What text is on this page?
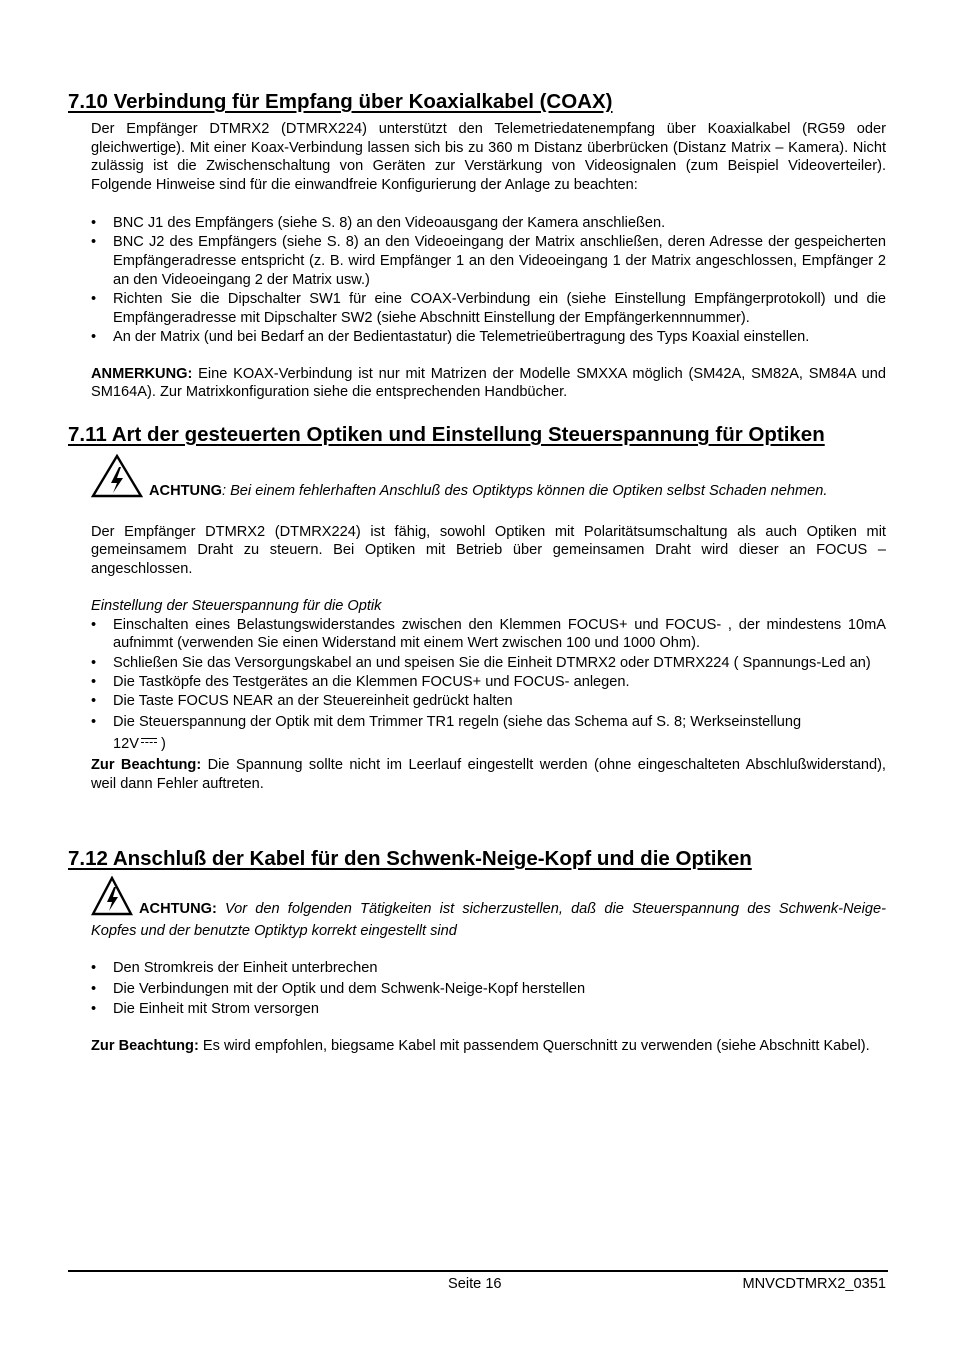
7.10 Verbindung für Empfang über Koaxialkabel (COAX)

Der Empfänger DTMRX2 (DTMRX224) unterstützt den Telemetriedatenempfang über Koaxialkabel (RG59 oder gleichwertige). Mit einer Koax-Verbindung lassen sich bis zu 360 m Distanz überbrücken (Distanz Matrix – Kamera). Nicht zulässig ist die Zwischenschaltung von Geräten zur Verstärkung von Videosignalen (zum Beispiel Videoverteiler). Folgende Hinweise sind für die einwandfreie Konfigurierung der Anlage zu beachten:

• BNC J1 des Empfängers (siehe S. 8) an den Videoausgang der Kamera anschließen.
• BNC J2 des Empfängers (siehe S. 8) an den Videoeingang der Matrix anschließen, deren Adresse der gespeicherten Empfängeradresse entspricht (z. B. wird Empfänger 1 an den Videoeingang 1 der Matrix angeschlossen, Empfänger 2 an den Videoeingang 2 der Matrix usw.)
• Richten Sie die Dipschalter SW1 für eine COAX-Verbindung ein (siehe Einstellung Empfängerprotokoll) und die Empfängeradresse mit Dipschalter SW2 (siehe Abschnitt Einstellung der Empfängerkennnummer).
• An der Matrix (und bei Bedarf an der Bedientastatur) die Telemetrieübertragung des Typs Koaxial einstellen.

ANMERKUNG: Eine KOAX-Verbindung ist nur mit Matrizen der Modelle SMXXA möglich (SM42A, SM82A, SM84A und SM164A). Zur Matrixkonfiguration siehe die entsprechenden Handbücher.

7.11 Art der gesteuerten Optiken und Einstellung Steuerspannung für Optiken

ACHTUNG: Bei einem fehlerhaften Anschluß des Optiktyps können die Optiken selbst Schaden nehmen.

Der Empfänger DTMRX2 (DTMRX224) ist fähig, sowohl Optiken mit Polaritätsumschaltung als auch Optiken mit gemeinsamem Draht zu steuern. Bei Optiken mit Betrieb über gemeinsamen Draht wird dieser an FOCUS – angeschlossen.

Einstellung der Steuerspannung für die Optik

• Einschalten eines Belastungswiderstandes zwischen den Klemmen FOCUS+ und FOCUS- , der mindestens 10mA aufnimmt (verwenden Sie einen Widerstand mit einem Wert zwischen 100 und 1000 Ohm).
• Schließen Sie das Versorgungskabel an und speisen Sie die Einheit DTMRX2 oder DTMRX224 ( Spannungs-Led an)
• Die Tastköpfe des Testgerätes an die Klemmen FOCUS+ und FOCUS- anlegen.
• Die Taste FOCUS NEAR an der Steuereinheit gedrückt halten
• Die Steuerspannung der Optik mit dem Trimmer TR1 regeln (siehe das Schema auf S. 8; Werkseinstellung
12V )

Zur Beachtung: Die Spannung sollte nicht im Leerlauf eingestellt werden (ohne eingeschalteten Abschlußwiderstand), weil dann Fehler auftreten.

7.12 Anschluß der Kabel für den Schwenk-Neige-Kopf und die Optiken

ACHTUNG: Vor den folgenden Tätigkeiten ist sicherzustellen, daß die Steuerspannung des Schwenk-Neige-Kopfes und der benutzte Optiktyp korrekt eingestellt sind

• Den Stromkreis der Einheit unterbrechen
• Die Verbindungen mit der Optik und dem Schwenk-Neige-Kopf herstellen
• Die Einheit mit Strom versorgen

Zur Beachtung: Es wird empfohlen, biegsame Kabel mit passendem Querschnitt zu verwenden (siehe Abschnitt Kabel).

Seite 16	MNVCDTMRX2_0351
